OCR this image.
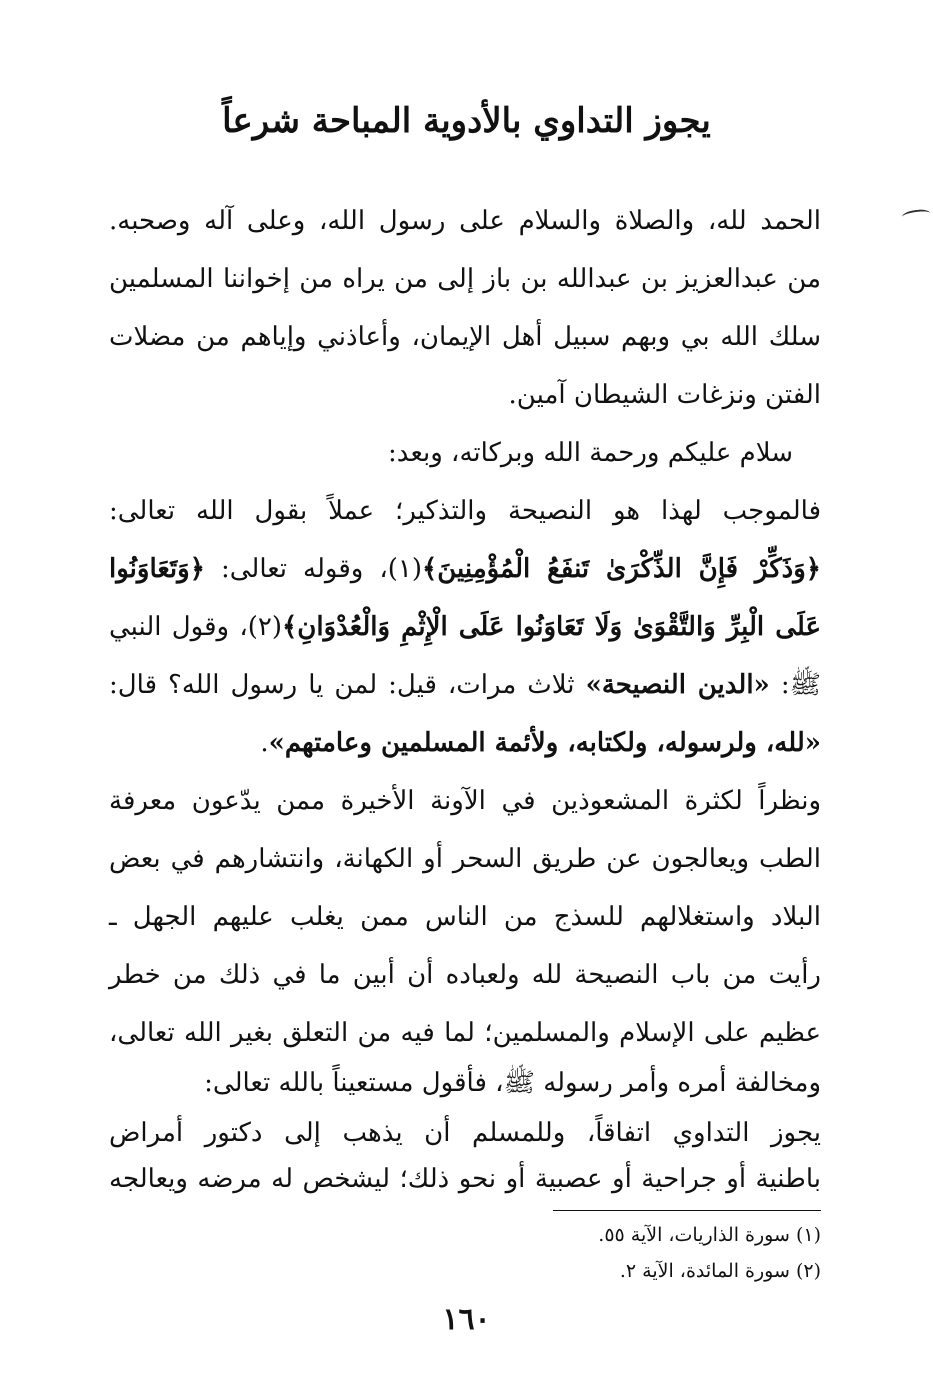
يجوز التداوي بالأدوية المباحة شرعاً
الحمد لله، والصلاة والسلام على رسول الله، وعلى آله وصحبه.
من عبدالعزيز بن عبدالله بن باز إلى من يراه من إخواننا المسلمين
سلك الله بي وبهم سبيل أهل الإيمان، وأعاذني وإياهم من مضلات
الفتن ونزغات الشيطان آمين.
سلام عليكم ورحمة الله وبركاته، وبعد:
فالموجب لهذا هو النصيحة والتذكير؛ عملاً بقول الله تعالى:
﴿وَذَكِّرْ فَإِنَّ الذِّكْرَىٰ تَنفَعُ الْمُؤْمِنِينَ﴾(١)، وقوله تعالى: ﴿وَتَعَاوَنُوا
عَلَى الْبِرِّ وَالتَّقْوَىٰ وَلَا تَعَاوَنُوا عَلَى الْإِثْمِ وَالْعُدْوَانِ﴾(٢)، وقول النبي
ﷺ: «الدين النصيحة» ثلاث مرات، قيل: لمن يا رسول الله؟ قال:
«لله، ولرسوله، ولكتابه، ولأئمة المسلمين وعامتهم».
ونظراً لكثرة المشعوذين في الآونة الأخيرة ممن يدّعون معرفة
الطب ويعالجون عن طريق السحر أو الكهانة، وانتشارهم في بعض
البلاد واستغلالهم للسذج من الناس ممن يغلب عليهم الجهل ـ
رأيت من باب النصيحة لله ولعباده أن أبين ما في ذلك من خطر
عظيم على الإسلام والمسلمين؛ لما فيه من التعلق بغير الله تعالى،
ومخالفة أمره وأمر رسوله ﷺ، فأقول مستعيناً بالله تعالى:
يجوز التداوي اتفاقاً، وللمسلم أن يذهب إلى دكتور أمراض
باطنية أو جراحية أو عصبية أو نحو ذلك؛ ليشخص له مرضه ويعالجه
(١) سورة الذاريات، الآية ٥٥.
(٢) سورة المائدة، الآية ٢.
١٦٠
